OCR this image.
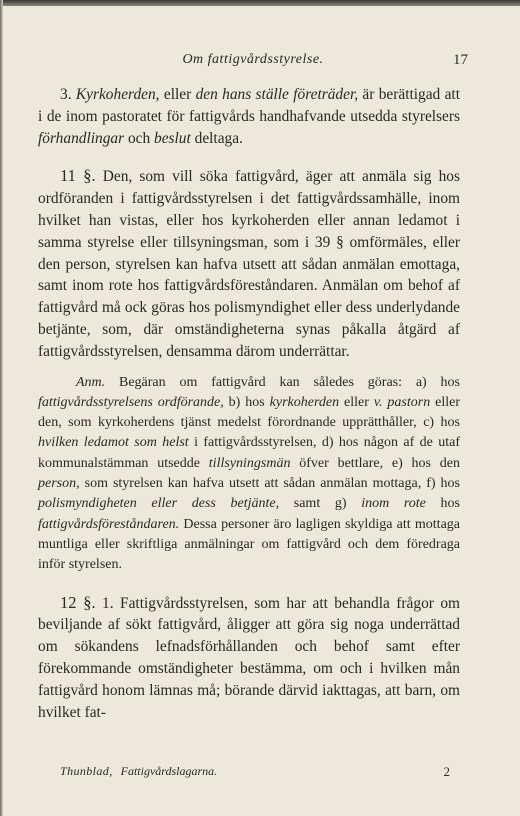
Om fattigvårdsstyrelse.	17

3. Kyrkoherden, eller den hans ställe företräder, är berättigad att i de inom pastoratet för fattigvårds handhafvande utsedda styrelsers förhandlingar och beslut deltaga.

11 §. Den, som vill söka fattigvård, äger att anmäla sig hos ordföranden i fattigvårdsstyrelsen i det fattigvårdssamhälle, inom hvilket han vistas, eller hos kyrkoherden eller annan ledamot i samma styrelse eller tillsyningsman, som i 39 § omförmäles, eller den person, styrelsen kan hafva utsett att sådan anmälan emottaga, samt inom rote hos fattigvårdsföreståndaren. Anmälan om behof af fattigvård må ock göras hos polismyndighet eller dess underlydande betjänte, som, där omständigheterna synas påkalla åtgärd af fattigvårdsstyrelsen, densamma därom underrättar.

Anm. Begäran om fattigvård kan således göras: a) hos fattigvårdsstyrelsens ordförande, b) hos kyrkoherden eller v. pastorn eller den, som kyrkoherdens tjänst medelst förordnande upprätthåller, c) hos hvilken ledamot som helst i fattigvårdsstyrelsen, d) hos någon af de utaf kommunalstämman utsedde tillsyningsmän öfver bettlare, e) hos den person, som styrelsen kan hafva utsett att sådan anmälan mottaga, f) hos polismyndigheten eller dess betjänte, samt g) inom rote hos fattigvårdsföreståndaren. Dessa personer äro lagligen skyldiga att mottaga muntliga eller skriftliga anmälningar om fattigvård och dem föredraga inför styrelsen.

12 §. 1. Fattigvårdsstyrelsen, som har att behandla frågor om beviljande af sökt fattigvård, åligger att göra sig noga underrättad om sökandens lefnadsförhållanden och behof samt efter förekommande omständigheter bestämma, om och i hvilken mån fattigvård honom lämnas må; börande därvid iakttagas, att barn, om hvilket fat-

Thunblad, Fattigvårdslagarna.	2
